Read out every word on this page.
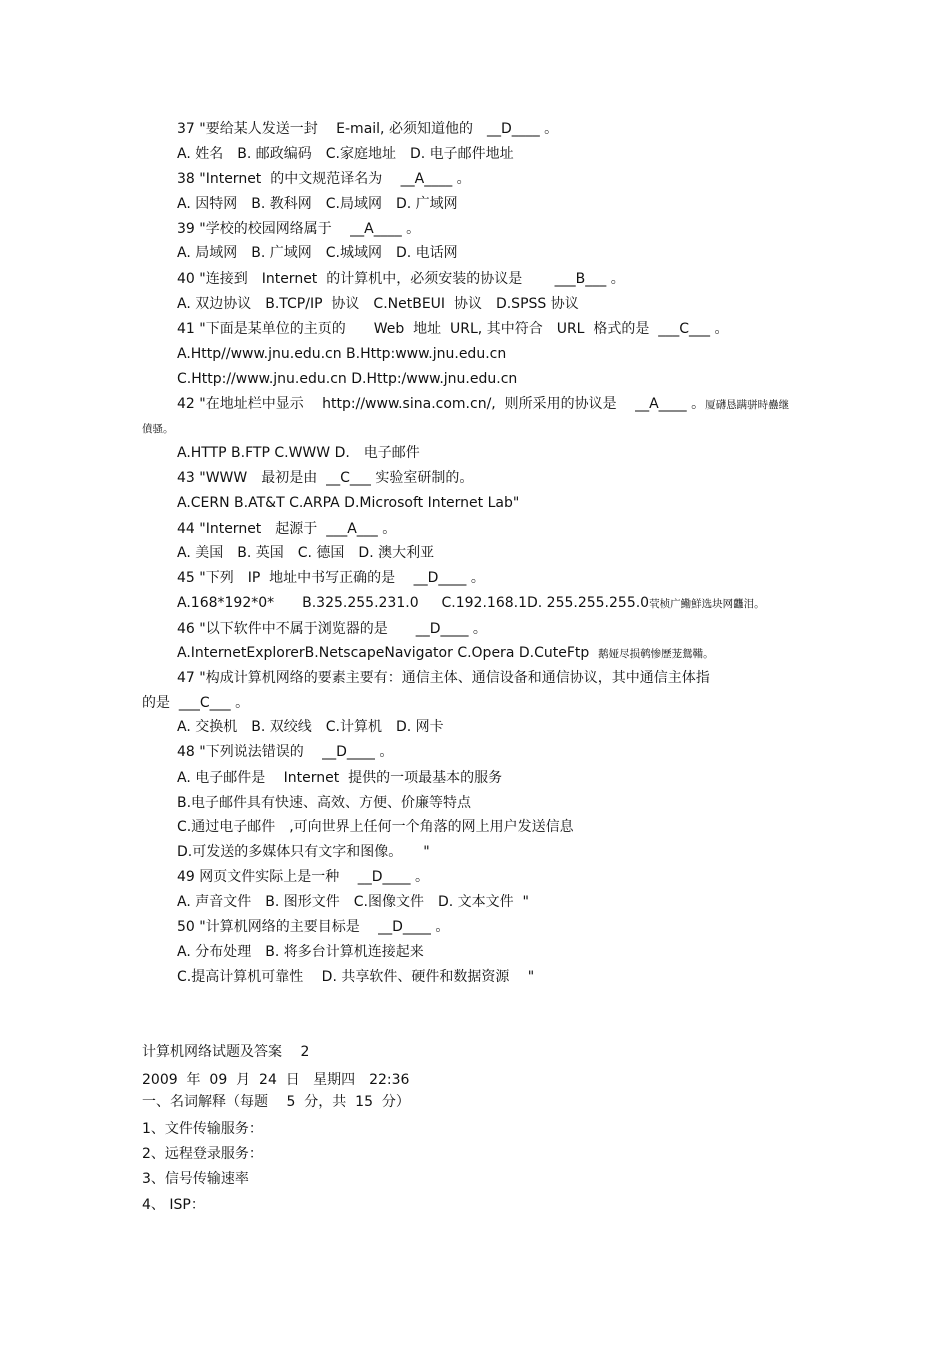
37 "要给某人发送一封　 E-mail, 必须知道他的　__D____ 。
A. 姓名　B. 邮政编码　C.家庭地址　D. 电子邮件地址
38 "Internet  的中文规范译名为　 __A____ 。
A. 因特网　B. 教科网　C.局域网　D. 广域网
39 "学校的校园网络属于　 __A____ 。
A. 局域网　B. 广域网　C.城域网　D. 电话网
40 "连接到　Internet  的计算机中，必须安装的协议是　　 ___B___ 。
A. 双边协议　B.TCP/IP  协议　C.NetBEUI  协议　D.SPSS 协议
41 "下面是某单位的主页的　　Web  地址  URL, 其中符合　URL  格式的是  ___C___ 。
A.Http//www.jnu.edu.cn B.Http:www.jnu.edu.cn
C.Http://www.jnu.edu.cn D.Http:/www.jnu.edu.cn
42 "在地址栏中显示　 http://www.sina.com.cn/,  则所采用的协议是　 __A____ 。厦礴恳蹒骈時蠱继
僨骚。
A.HTTP B.FTP C.WWW D.　电子邮件
43 "WWW　最初是由  __C___ 实验室研制的。
A.CERN B.AT&T C.ARPA D.Microsoft Internet Lab"
44 "Internet　起源于  ___A___ 。
A. 美国　B. 英国　C. 德国　D. 澳大利亚
45 "下列　IP  地址中书写正确的是　 __D____ 。
A.168*192*0*　　B.325.255.231.0　  C.192.168.1D. 255.255.255.0茕桢广鰳鮮选块网龘泪。
46 "以下软件中不属于浏览器的是　　__D____ 。
A.InternetExplorerB.NetscapeNavigator C.Opera D.CuteFtp 鹅娅尽损鹌惨歷茏鴛鞴。
47 "构成计算机网络的要素主要有：通信主体、通信设备和通信协议，其中通信主体指
的是  ___C___ 。
A. 交换机　B. 双绞线　C.计算机　D. 网卡
48 "下列说法错误的　 __D____ 。
A. 电子邮件是　 Internet  提供的一项最基本的服务
B.电子邮件具有快速、高效、方便、价廉等特点
C.通过电子邮件　,可向世界上任何一个角落的网上用户发送信息
D.可发送的多媒体只有文字和图像。　　"
49 网页文件实际上是一种　 __D____ 。
A. 声音文件　B. 图形文件　C.图像文件　D. 文本文件  "
50 "计算机网络的主要目标是　 __D____ 。
A. 分布处理　B. 将多台计算机连接起来
C.提高计算机可靠性　 D. 共享软件、硬件和数据资源　 "
计算机网络试题及答案　 2
2009  年  09  月  24  日   星期四　22:36
一、名词解释（每题　 5  分，共  15  分）
1、文件传输服务：
2、远程登录服务：
3、信号传输速率
4、 ISP：
